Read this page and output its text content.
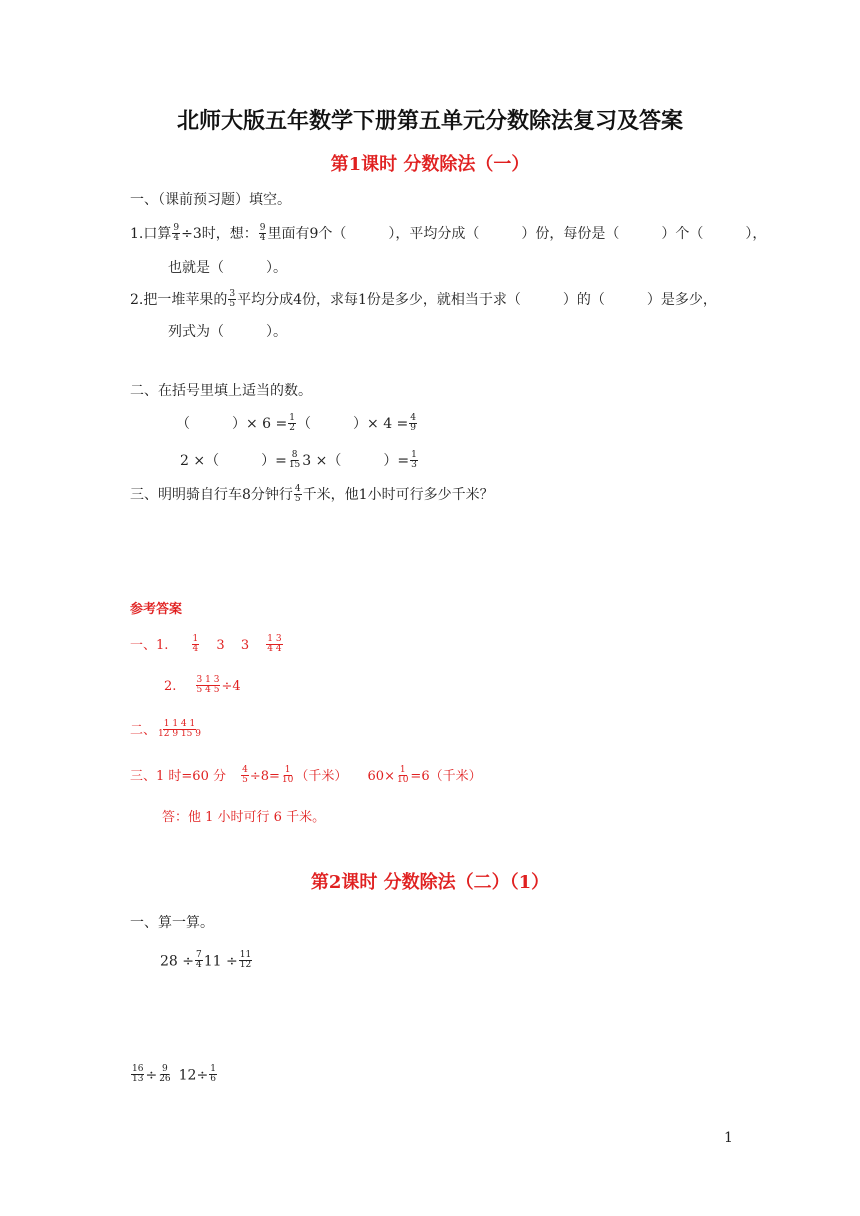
北师大版五年数学下册第五单元分数除法复习及答案
第1课时 分数除法（一）
一、（课前预习题）填空。
1.口算 $\frac{9}{4} \div 3$时，想： $\frac{9}{4}$ 里面有9个（　　　），平均分成（　　　）份，每份是（　　　）个（　　　），
也就是（　　　）。
2.把一堆苹果的 $\frac{3}{5}$ 平均分成4份，求每1份是多少，就相当于求（　　　）的（　　　）是多少，
列式为（　　　）。
二、在括号里填上适当的数。
（　　　）× $6 = \frac{1}{2}$ （　　　）× $4 = \frac{4}{9}$
2 ×（　　　）= $\frac{8}{15} 3$ ×（　　　）= $\frac{1}{3}$
三、明明骑自行车8分钟行 $\frac{4}{5}$ 千米，他1小时可行多少千米？
参考答案
一、1.	$\frac{1}{4} 3$ $3 \frac{1 3}{4 4}$
2. $\frac{3 1 3}{5 4 5} \div 4$
二、 $\frac{1 1 4 1}{12 9 15 9}$
三、1 时=60 分 $\frac{4}{5} \div 8= \frac{1}{10}$ （千米） $60\times \frac{1}{10} =6$（千米）
答：他 1 小时可行 6 千米。
第2课时 分数除法（二）（1）
一、算一算。
$28 \div \frac{7}{4} 11 \div \frac{11}{12}$
$\frac{16}{13} \div \frac{9}{26} 12\div \frac{1}{6}$
1
